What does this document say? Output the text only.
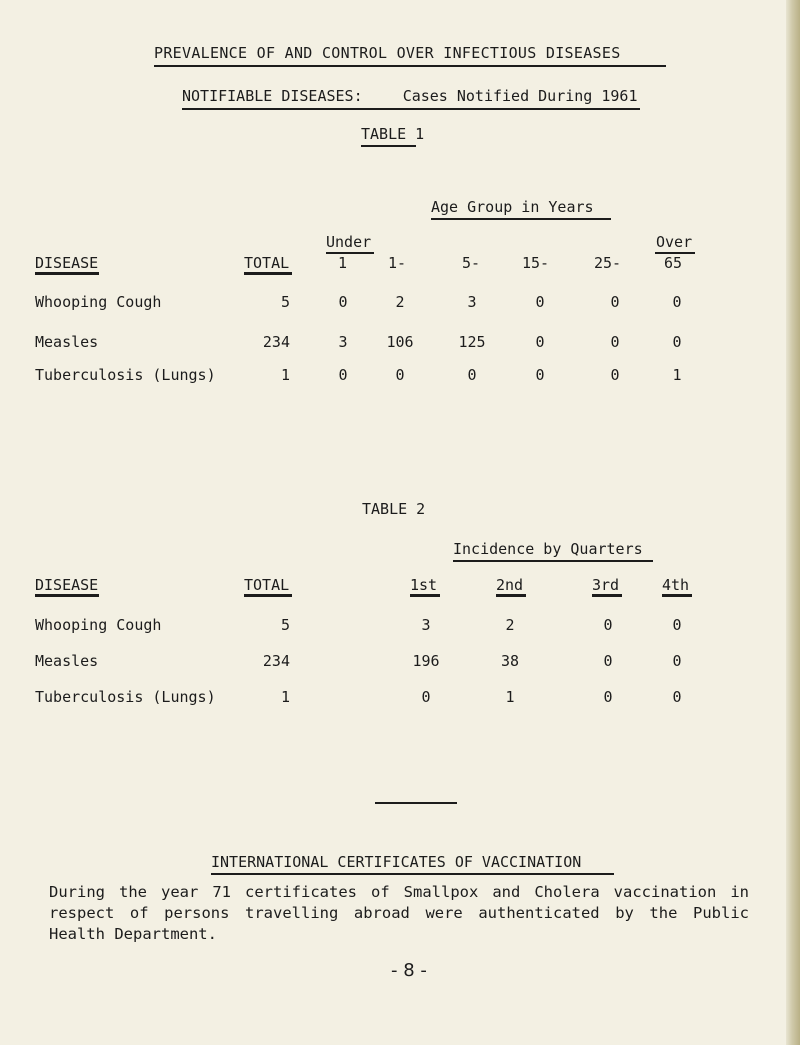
PREVALENCE OF AND CONTROL OVER INFECTIOUS DISEASES
NOTIFIABLE DISEASES:	Cases Notified During 1961
TABLE 1
Age Group in Years
Under	Over
DISEASE	TOTAL	1	1-	5-	15-	25-	65
Whooping Cough	5	0	2	3	0	0	0
Measles	234	3	106	125	0	0	0
Tuberculosis (Lungs)	1	0	0	0	0	0	1
TABLE 2
Incidence by Quarters
DISEASE	TOTAL	1st	2nd	3rd	4th
Whooping Cough	5	3	2	0	0
Measles	234	196	38	0	0
Tuberculosis (Lungs)	1	0	1	0	0
INTERNATIONAL CERTIFICATES OF VACCINATION
During the year 71 certificates of Smallpox and Cholera vaccination in respect of persons travelling abroad were authenticated by the Public Health Department.
- 8 -
